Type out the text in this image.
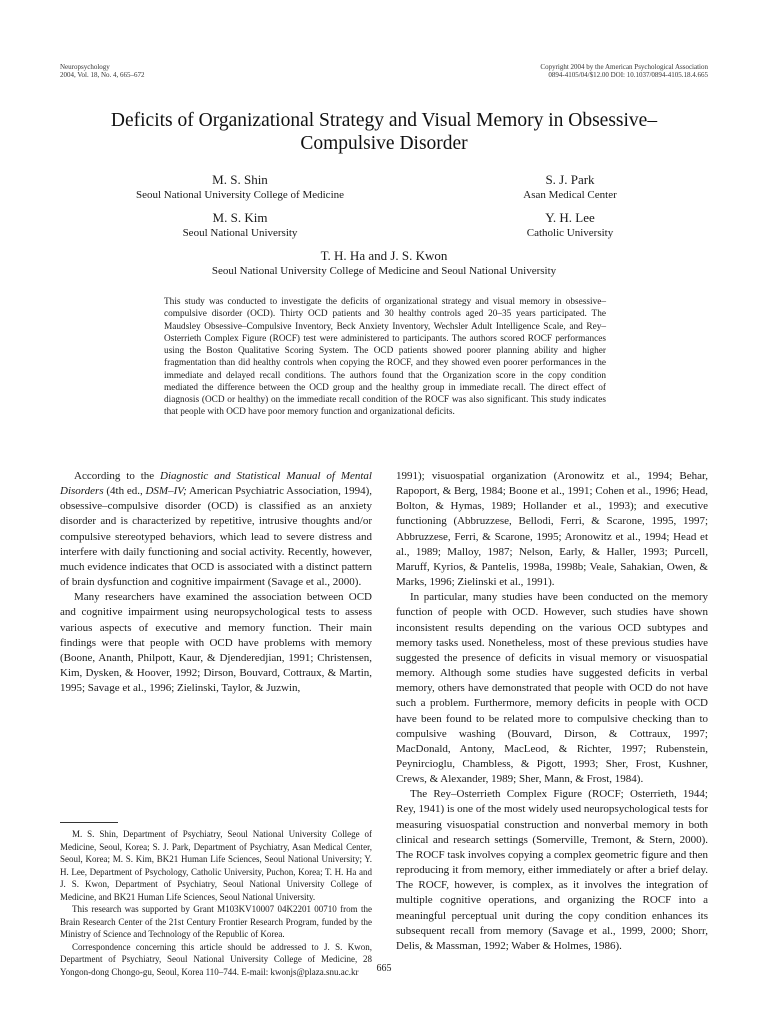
Neuropsychology
2004, Vol. 18, No. 4, 665–672
Copyright 2004 by the American Psychological Association
0894-4105/04/$12.00 DOI: 10.1037/0894-4105.18.4.665
Deficits of Organizational Strategy and Visual Memory in Obsessive–Compulsive Disorder
M. S. Shin
Seoul National University College of Medicine
S. J. Park
Asan Medical Center
M. S. Kim
Seoul National University
Y. H. Lee
Catholic University
T. H. Ha and J. S. Kwon
Seoul National University College of Medicine and Seoul National University
This study was conducted to investigate the deficits of organizational strategy and visual memory in obsessive–compulsive disorder (OCD). Thirty OCD patients and 30 healthy controls aged 20–35 years participated. The Maudsley Obsessive–Compulsive Inventory, Beck Anxiety Inventory, Wechsler Adult Intelligence Scale, and Rey–Osterrieth Complex Figure (ROCF) test were administered to participants. The authors scored ROCF performances using the Boston Qualitative Scoring System. The OCD patients showed poorer planning ability and higher fragmentation than did healthy controls when copying the ROCF, and they showed even poorer performances in the immediate and delayed recall conditions. The authors found that the Organization score in the copy condition mediated the difference between the OCD group and the healthy group in immediate recall. The direct effect of diagnosis (OCD or healthy) on the immediate recall condition of the ROCF was also significant. This study indicates that people with OCD have poor memory function and organizational deficits.

According to the Diagnostic and Statistical Manual of Mental Disorders (4th ed., DSM–IV; American Psychiatric Association, 1994), obsessive–compulsive disorder (OCD) is classified as an anxiety disorder and is characterized by repetitive, intrusive thoughts and/or compulsive stereotyped behaviors, which lead to severe distress and interfere with daily functioning and social activity. Recently, however, much evidence indicates that OCD is associated with a distinct pattern of brain dysfunction and cognitive impairment (Savage et al., 2000).

Many researchers have examined the association between OCD and cognitive impairment using neuropsychological tests to assess various aspects of executive and memory function. Their main findings were that people with OCD have problems with memory (Boone, Ananth, Philpott, Kaur, & Djenderedjian, 1991; Christensen, Kim, Dysken, & Hoover, 1992; Dirson, Bouvard, Cottraux, & Martin, 1995; Savage et al., 1996; Zielinski, Taylor, & Juzwin,

M. S. Shin, Department of Psychiatry, Seoul National University College of Medicine, Seoul, Korea; S. J. Park, Department of Psychiatry, Asan Medical Center, Seoul, Korea; M. S. Kim, BK21 Human Life Sciences, Seoul National University; Y. H. Lee, Department of Psychology, Catholic University, Puchon, Korea; T. H. Ha and J. S. Kwon, Department of Psychiatry, Seoul National University College of Medicine, and BK21 Human Life Sciences, Seoul National University.

This research was supported by Grant M103KV10007 04K2201 00710 from the Brain Research Center of the 21st Century Frontier Research Program, funded by the Ministry of Science and Technology of the Republic of Korea.

Correspondence concerning this article should be addressed to J. S. Kwon, Department of Psychiatry, Seoul National University College of Medicine, 28 Yongon-dong Chongo-gu, Seoul, Korea 110–744. E-mail: kwonjs@plaza.snu.ac.kr

1991); visuospatial organization (Aronowitz et al., 1994; Behar, Rapoport, & Berg, 1984; Boone et al., 1991; Cohen et al., 1996; Head, Bolton, & Hymas, 1989; Hollander et al., 1993); and executive functioning (Abbruzzese, Bellodi, Ferri, & Scarone, 1995, 1997; Abbruzzese, Ferri, & Scarone, 1995; Aronowitz et al., 1994; Head et al., 1989; Malloy, 1987; Nelson, Early, & Haller, 1993; Purcell, Maruff, Kyrios, & Pantelis, 1998a, 1998b; Veale, Sahakian, Owen, & Marks, 1996; Zielinski et al., 1991).

In particular, many studies have been conducted on the memory function of people with OCD. However, such studies have shown inconsistent results depending on the various OCD subtypes and memory tasks used. Nonetheless, most of these previous studies have suggested the presence of deficits in visual memory or visuospatial memory. Although some studies have suggested deficits in verbal memory, others have demonstrated that people with OCD do not have such a problem. Furthermore, memory deficits in people with OCD have been found to be related more to compulsive checking than to compulsive washing (Bouvard, Dirson, & Cottraux, 1997; MacDonald, Antony, MacLeod, & Richter, 1997; Rubenstein, Peynircioglu, Chambless, & Pigott, 1993; Sher, Frost, Kushner, Crews, & Alexander, 1989; Sher, Mann, & Frost, 1984).

The Rey–Osterrieth Complex Figure (ROCF; Osterrieth, 1944; Rey, 1941) is one of the most widely used neuropsychological tests for measuring visuospatial construction and nonverbal memory in both clinical and research settings (Somerville, Tremont, & Stern, 2000). The ROCF task involves copying a complex geometric figure and then reproducing it from memory, either immediately or after a brief delay. The ROCF, however, is complex, as it involves the integration of multiple cognitive operations, and organizing the ROCF into a meaningful perceptual unit during the copy condition enhances its subsequent recall from memory (Savage et al., 1999, 2000; Shorr, Delis, & Massman, 1992; Waber & Holmes, 1986).

665
